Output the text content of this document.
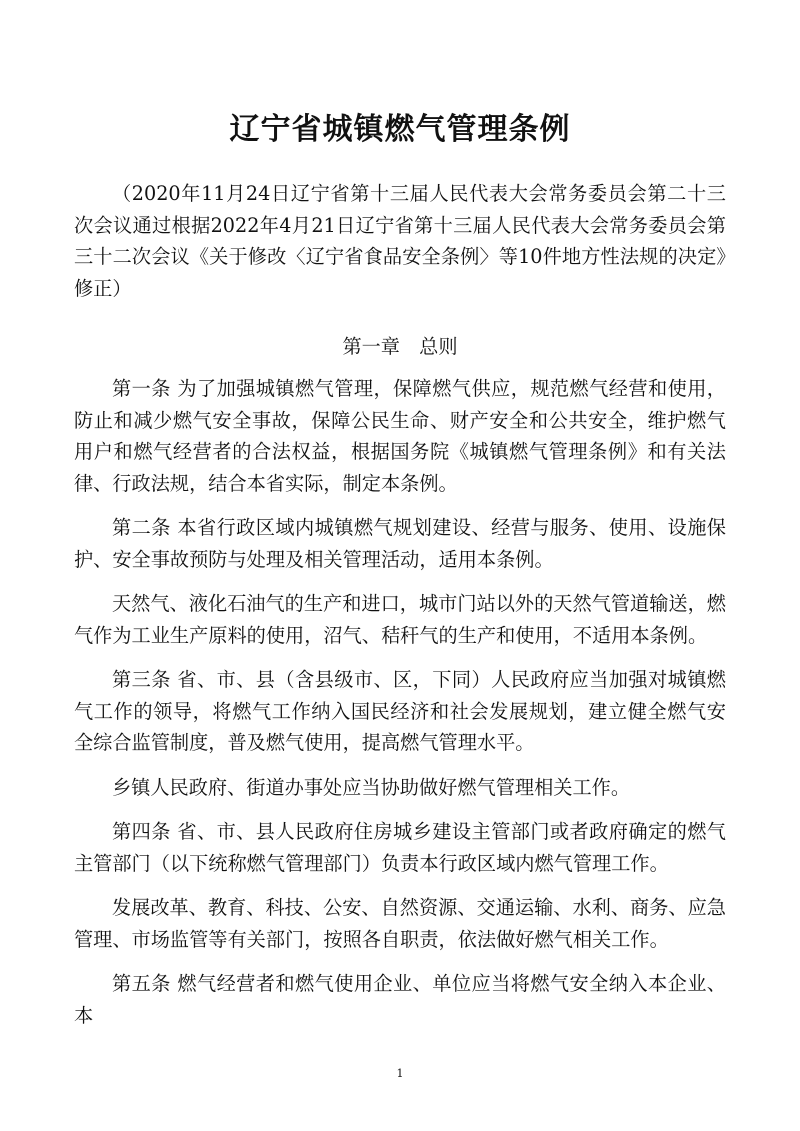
辽宁省城镇燃气管理条例

（2020年11月24日辽宁省第十三届人民代表大会常务委员会第二十三次会议通过根据2022年4月21日辽宁省第十三届人民代表大会常务委员会第三十二次会议《关于修改〈辽宁省食品安全条例〉等10件地方性法规的决定》修正）

第一章　总则

第一条 为了加强城镇燃气管理，保障燃气供应，规范燃气经营和使用，防止和减少燃气安全事故，保障公民生命、财产安全和公共安全，维护燃气用户和燃气经营者的合法权益，根据国务院《城镇燃气管理条例》和有关法律、行政法规，结合本省实际，制定本条例。

第二条 本省行政区域内城镇燃气规划建设、经营与服务、使用、设施保护、安全事故预防与处理及相关管理活动，适用本条例。

天然气、液化石油气的生产和进口，城市门站以外的天然气管道输送，燃气作为工业生产原料的使用，沼气、秸秆气的生产和使用，不适用本条例。

第三条 省、市、县（含县级市、区，下同）人民政府应当加强对城镇燃气工作的领导，将燃气工作纳入国民经济和社会发展规划，建立健全燃气安全综合监管制度，普及燃气使用，提高燃气管理水平。

乡镇人民政府、街道办事处应当协助做好燃气管理相关工作。

第四条 省、市、县人民政府住房城乡建设主管部门或者政府确定的燃气主管部门（以下统称燃气管理部门）负责本行政区域内燃气管理工作。

发展改革、教育、科技、公安、自然资源、交通运输、水利、商务、应急管理、市场监管等有关部门，按照各自职责，依法做好燃气相关工作。

第五条 燃气经营者和燃气使用企业、单位应当将燃气安全纳入本企业、本

1
